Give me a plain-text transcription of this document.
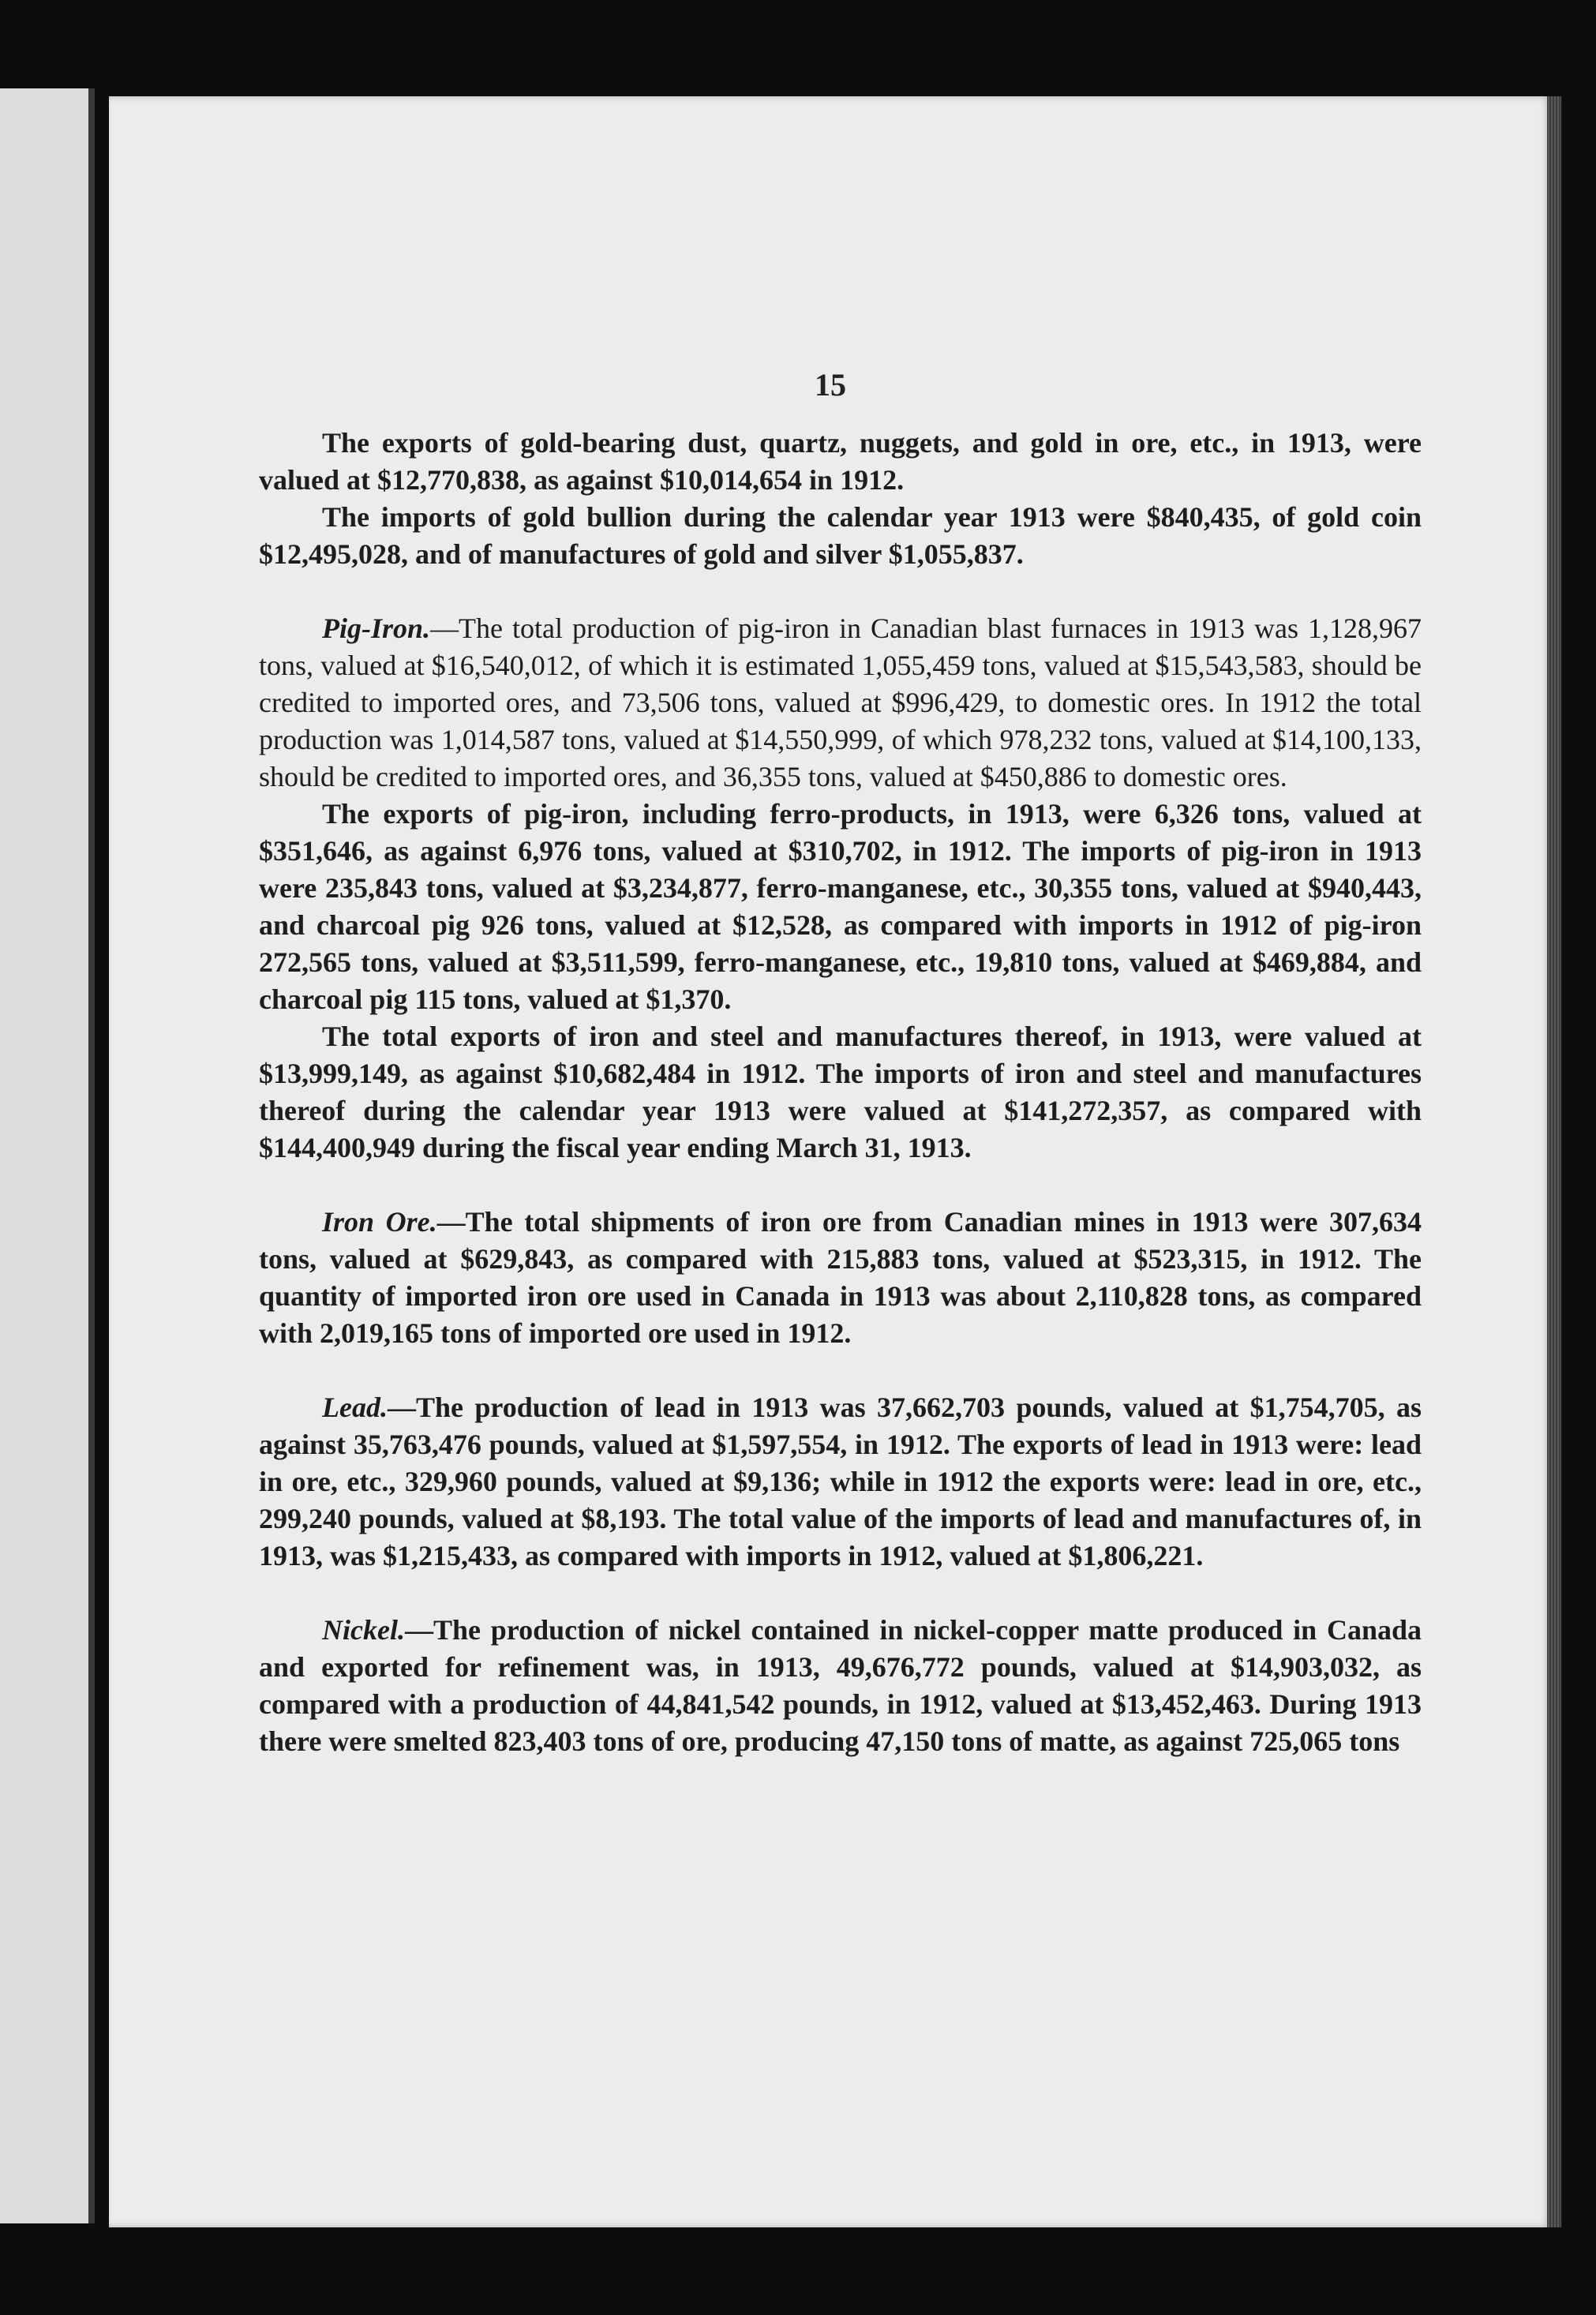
15

The exports of gold-bearing dust, quartz, nuggets, and gold in ore, etc., in 1913, were valued at $12,770,838, as against $10,014,654 in 1912.

The imports of gold bullion during the calendar year 1913 were $840,435, of gold coin $12,495,028, and of manufactures of gold and silver $1,055,837.

Pig-Iron.—The total production of pig-iron in Canadian blast furnaces in 1913 was 1,128,967 tons, valued at $16,540,012, of which it is estimated 1,055,459 tons, valued at $15,543,583, should be credited to imported ores, and 73,506 tons, valued at $996,429, to domestic ores. In 1912 the total production was 1,014,587 tons, valued at $14,550,999, of which 978,232 tons, valued at $14,100,133, should be credited to imported ores, and 36,355 tons, valued at $450,886 to domestic ores.

The exports of pig-iron, including ferro-products, in 1913, were 6,326 tons, valued at $351,646, as against 6,976 tons, valued at $310,702, in 1912. The imports of pig-iron in 1913 were 235,843 tons, valued at $3,234,877, ferro-manganese, etc., 30,355 tons, valued at $940,443, and charcoal pig 926 tons, valued at $12,528, as compared with imports in 1912 of pig-iron 272,565 tons, valued at $3,511,599, ferro-manganese, etc., 19,810 tons, valued at $469,884, and charcoal pig 115 tons, valued at $1,370.

The total exports of iron and steel and manufactures thereof, in 1913, were valued at $13,999,149, as against $10,682,484 in 1912. The imports of iron and steel and manufactures thereof during the calendar year 1913 were valued at $141,272,357, as compared with $144,400,949 during the fiscal year ending March 31, 1913.

Iron Ore.—The total shipments of iron ore from Canadian mines in 1913 were 307,634 tons, valued at $629,843, as compared with 215,883 tons, valued at $523,315, in 1912. The quantity of imported iron ore used in Canada in 1913 was about 2,110,828 tons, as compared with 2,019,165 tons of imported ore used in 1912.

Lead.—The production of lead in 1913 was 37,662,703 pounds, valued at $1,754,705, as against 35,763,476 pounds, valued at $1,597,554, in 1912. The exports of lead in 1913 were: lead in ore, etc., 329,960 pounds, valued at $9,136; while in 1912 the exports were: lead in ore, etc., 299,240 pounds, valued at $8,193. The total value of the imports of lead and manufactures of, in 1913, was $1,215,433, as compared with imports in 1912, valued at $1,806,221.

Nickel.—The production of nickel contained in nickel-copper matte produced in Canada and exported for refinement was, in 1913, 49,676,772 pounds, valued at $14,903,032, as compared with a production of 44,841,542 pounds, in 1912, valued at $13,452,463. During 1913 there were smelted 823,403 tons of ore, producing 47,150 tons of matte, as against 725,065 tons
